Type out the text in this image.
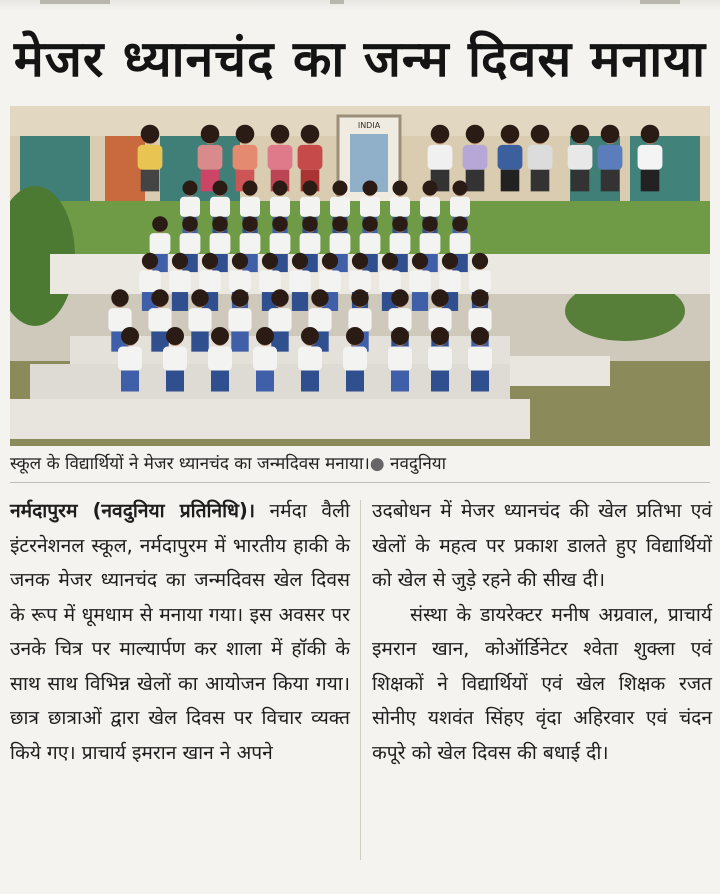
मेजर ध्यानचंद का जन्म दिवस मनाया
INDIA
स्कूल के विद्यार्थियों ने मेजर ध्यानचंद का जन्मदिवस मनाया।● नवदुनिया

नर्मदापुरम (नवदुनिया प्रतिनिधि)। नर्मदा वैली इंटरनेशनल स्कूल, नर्मदापुरम में भारतीय हाकी के जनक मेजर ध्यानचंद का जन्मदिवस खेल दिवस के रूप में धूमधाम से मनाया गया। इस अवसर पर उनके चित्र पर माल्यार्पण कर शाला में हॉकी के साथ साथ विभिन्न खेलों का आयोजन किया गया। छात्र छात्राओं द्वारा खेल दिवस पर विचार व्यक्त किये गए। प्राचार्य इमरान खान ने अपने

उदबोधन में मेजर ध्यानचंद की खेल प्रतिभा एवं खेलों के महत्व पर प्रकाश डालते हुए विद्यार्थियों को खेल से जुड़े रहने की सीख दी।

संस्था के डायरेक्टर मनीष अग्रवाल, प्राचार्य इमरान खान, कोऑर्डिनेटर श्वेता शुक्ला एवं शिक्षकों ने विद्यार्थियों एवं खेल शिक्षक रजत सोनीए यशवंत सिंहए वृंदा अहिरवार एवं चंदन कपूरे को खेल दिवस की बधाई दी।
